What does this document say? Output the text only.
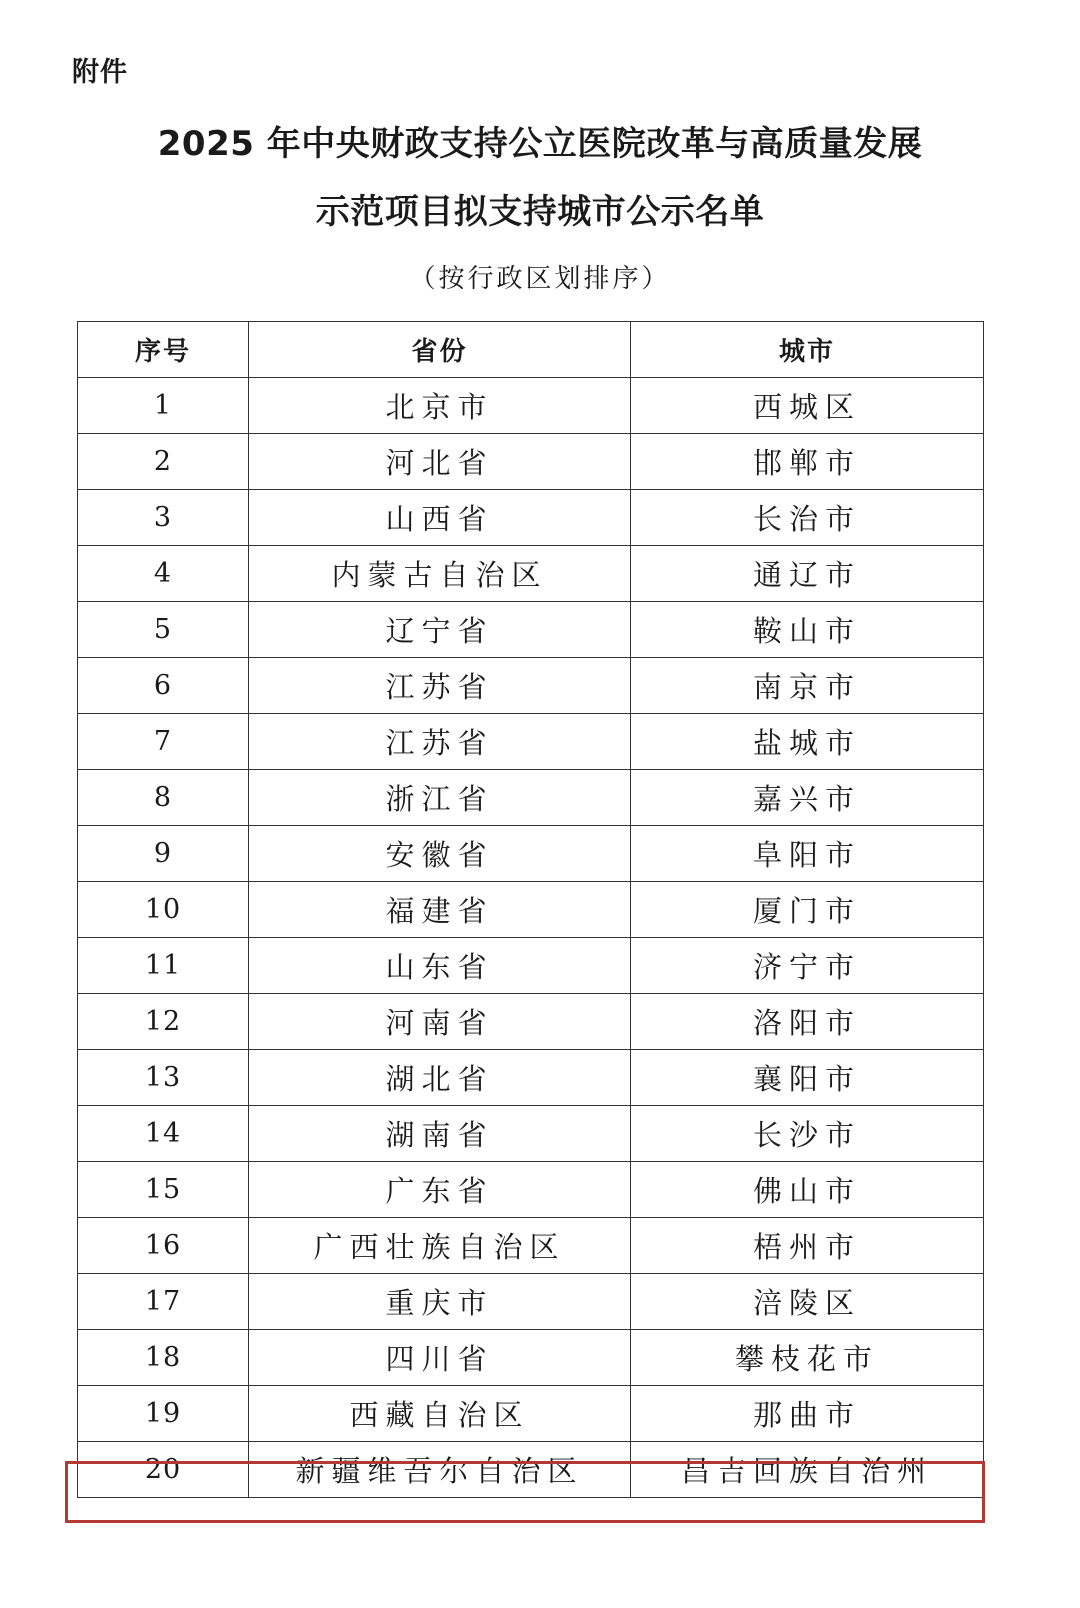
附件
2025 年中央财政支持公立医院改革与高质量发展
示范项目拟支持城市公示名单
（按行政区划排序）
序号	省份	城市
1	北京市	西城区
2	河北省	邯郸市
3	山西省	长治市
4	内蒙古自治区	通辽市
5	辽宁省	鞍山市
6	江苏省	南京市
7	江苏省	盐城市
8	浙江省	嘉兴市
9	安徽省	阜阳市
10	福建省	厦门市
11	山东省	济宁市
12	河南省	洛阳市
13	湖北省	襄阳市
14	湖南省	长沙市
15	广东省	佛山市
16	广西壮族自治区	梧州市
17	重庆市	涪陵区
18	四川省	攀枝花市
19	西藏自治区	那曲市
20	新疆维吾尔自治区	昌吉回族自治州
